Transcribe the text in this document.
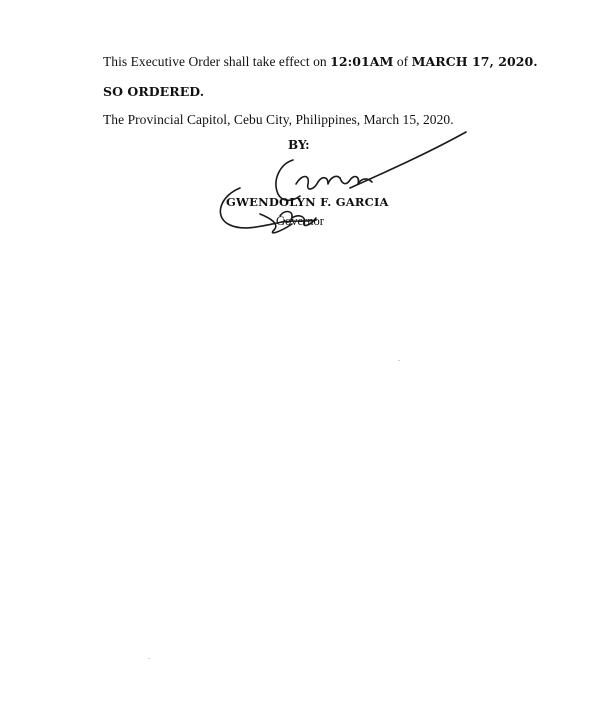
This Executive Order shall take effect on 12:01AM of MARCH 17, 2020.
SO ORDERED.
The Provincial Capitol, Cebu City, Philippines, March 15, 2020.
BY:
GWENDOLYN F. GARCIA
Governor
